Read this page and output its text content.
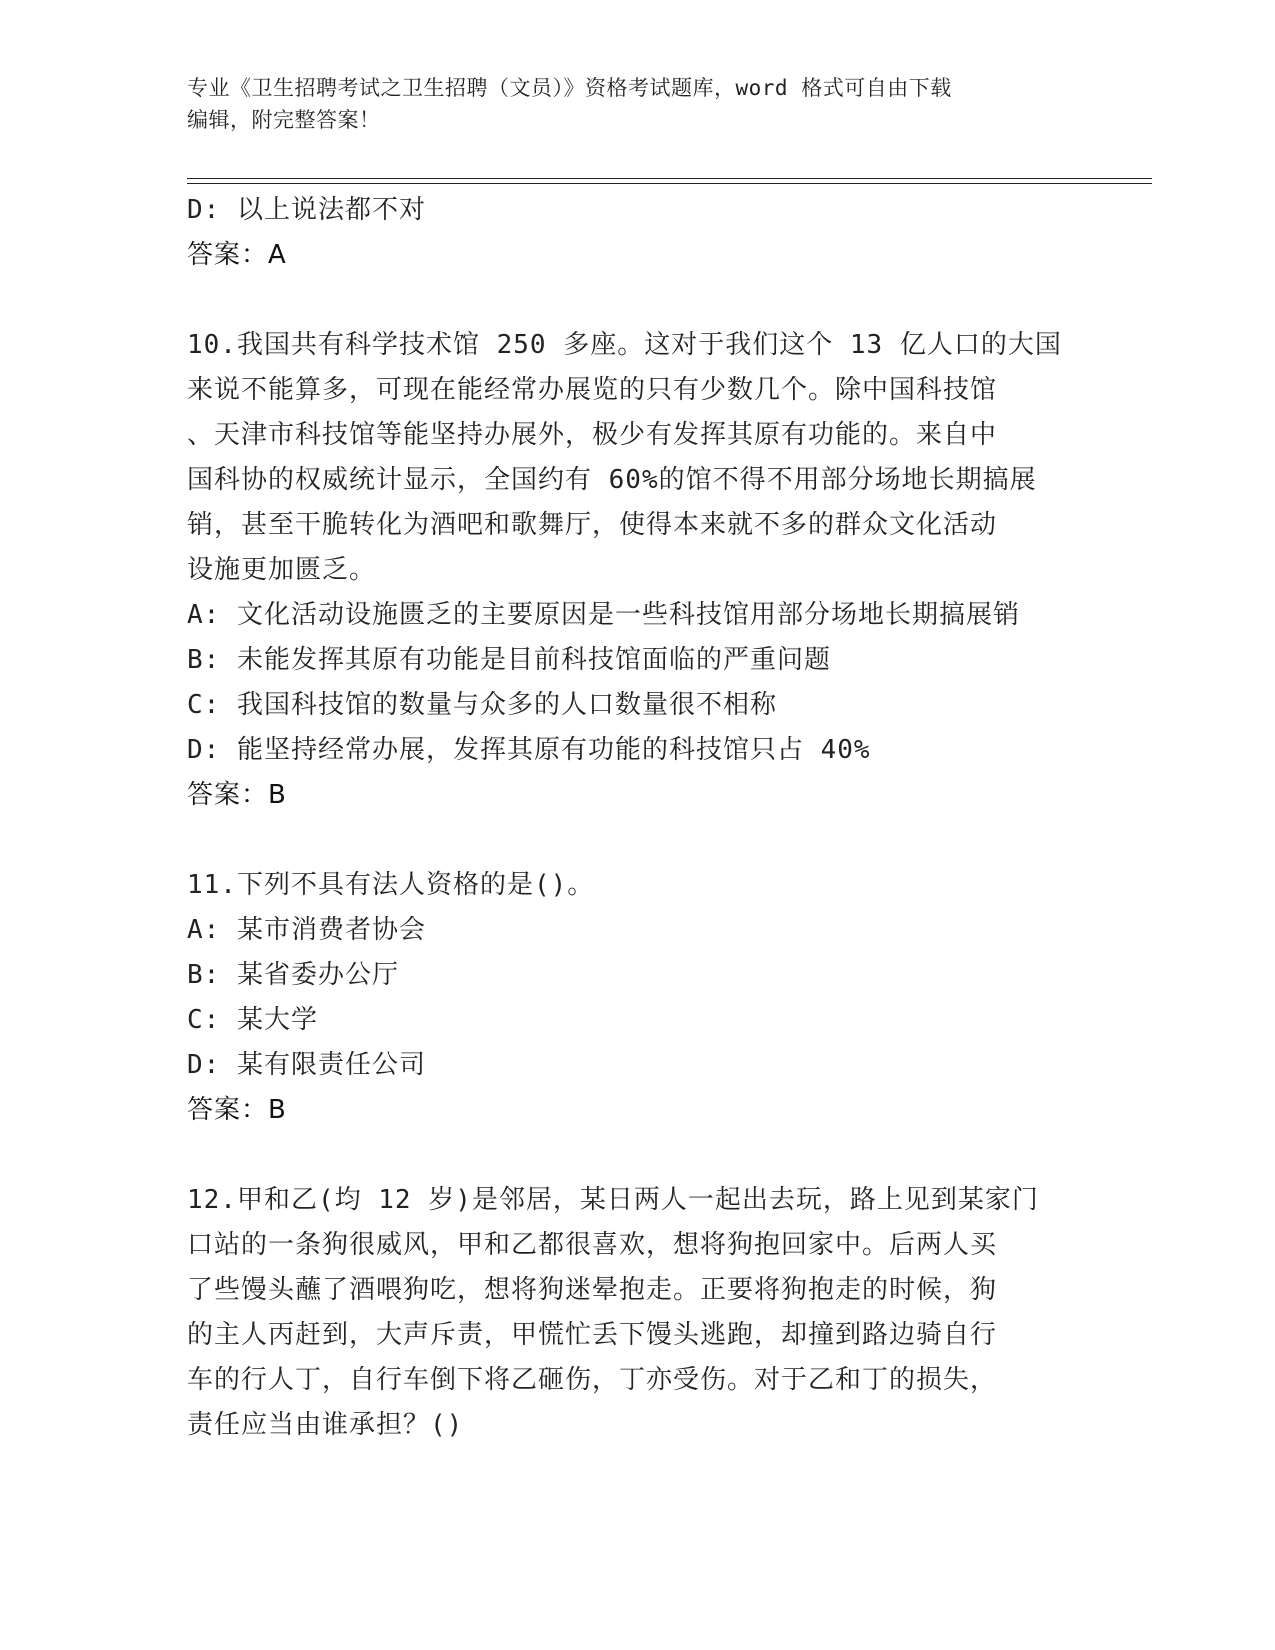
专业《卫生招聘考试之卫生招聘（文员）》资格考试题库，word 格式可自由下载
编辑，附完整答案！
D: 以上说法都不对
答案：A
10.我国共有科学技术馆 250 多座。这对于我们这个 13 亿人口的大国
来说不能算多，可现在能经常办展览的只有少数几个。除中国科技馆
、天津市科技馆等能坚持办展外，极少有发挥其原有功能的。来自中
国科协的权威统计显示，全国约有 60%的馆不得不用部分场地长期搞展
销，甚至干脆转化为酒吧和歌舞厅，使得本来就不多的群众文化活动
设施更加匮乏。
A: 文化活动设施匮乏的主要原因是一些科技馆用部分场地长期搞展销
B: 未能发挥其原有功能是目前科技馆面临的严重问题
C: 我国科技馆的数量与众多的人口数量很不相称
D: 能坚持经常办展，发挥其原有功能的科技馆只占 40%
答案：B
11.下列不具有法人资格的是()。
A: 某市消费者协会
B: 某省委办公厅
C: 某大学
D: 某有限责任公司
答案：B
12.甲和乙(均 12 岁)是邻居，某日两人一起出去玩，路上见到某家门
口站的一条狗很威风，甲和乙都很喜欢，想将狗抱回家中。后两人买
了些馒头蘸了酒喂狗吃，想将狗迷晕抱走。正要将狗抱走的时候，狗
的主人丙赶到，大声斥责，甲慌忙丢下馒头逃跑，却撞到路边骑自行
车的行人丁，自行车倒下将乙砸伤，丁亦受伤。对于乙和丁的损失，
责任应当由谁承担？()
